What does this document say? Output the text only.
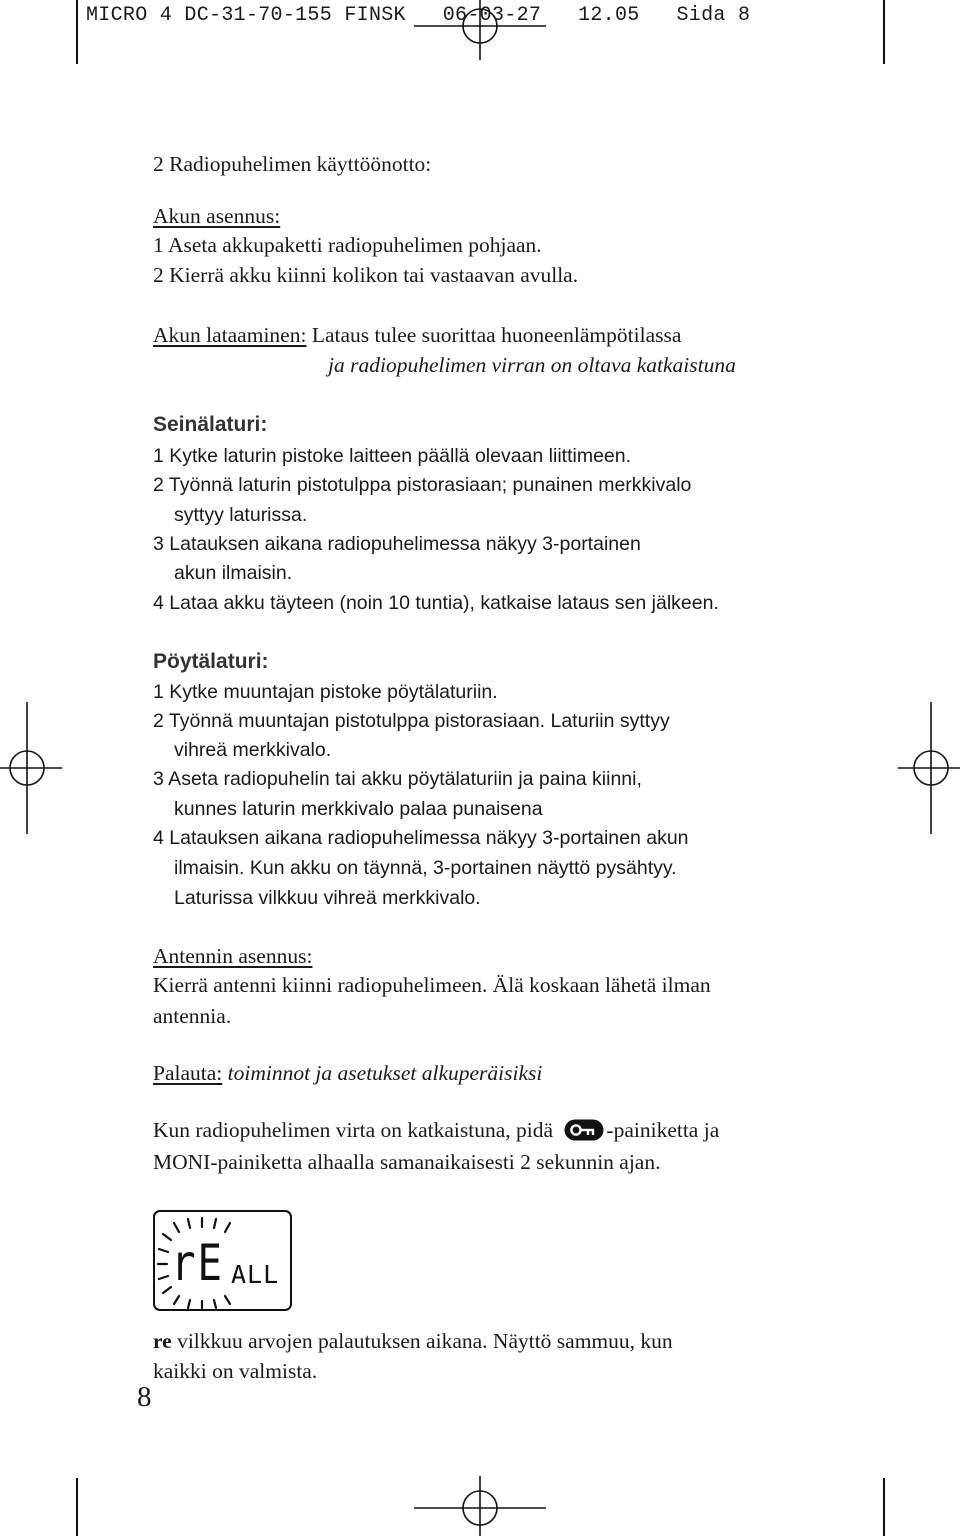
MICRO 4 DC-31-70-155 FINSK   06-03-27   12.05   Sida 8
2 Radiopuhelimen käyttöönotto:
Akun asennus:
1 Aseta akkupaketti radiopuhelimen pohjaan.
2 Kierrä akku kiinni kolikon tai vastaavan avulla.
Akun lataaminen: Lataus tulee suorittaa huoneenlämpötilassa
ja radiopuhelimen virran on oltava katkaistuna
Seinälaturi:
1 Kytke laturin pistoke laitteen päällä olevaan liittimeen.
2 Työnnä laturin pistotulppa pistorasiaan; punainen merkkivalo
syttyy laturissa.
3 Latauksen aikana radiopuhelimessa näkyy 3-portainen
akun ilmaisin.
4 Lataa akku täyteen (noin 10 tuntia), katkaise lataus sen jälkeen.
Pöytälaturi:
1 Kytke muuntajan pistoke pöytälaturiin.
2 Työnnä muuntajan pistotulppa pistorasiaan. Laturiin syttyy
vihreä merkkivalo.
3 Aseta radiopuhelin tai akku pöytälaturiin ja paina kiinni,
kunnes laturin merkkivalo palaa punaisena
4 Latauksen aikana radiopuhelimessa näkyy 3-portainen akun
ilmaisin. Kun akku on täynnä, 3-portainen näyttö pysähtyy.
Laturissa vilkkuu vihreä merkkivalo.
Antennin asennus:
Kierrä antenni kiinni radiopuhelimeen. Älä koskaan lähetä ilman
antennia.
Palauta: toiminnot ja asetukset alkuperäisiksi
Kun radiopuhelimen virta on katkaistuna, pidä -painiketta ja
MONI-painiketta alhaalla samanaikaisesti 2 sekunnin ajan.
rE ALL
re vilkkuu arvojen palautuksen aikana. Näyttö sammuu, kun
kaikki on valmista.
8
